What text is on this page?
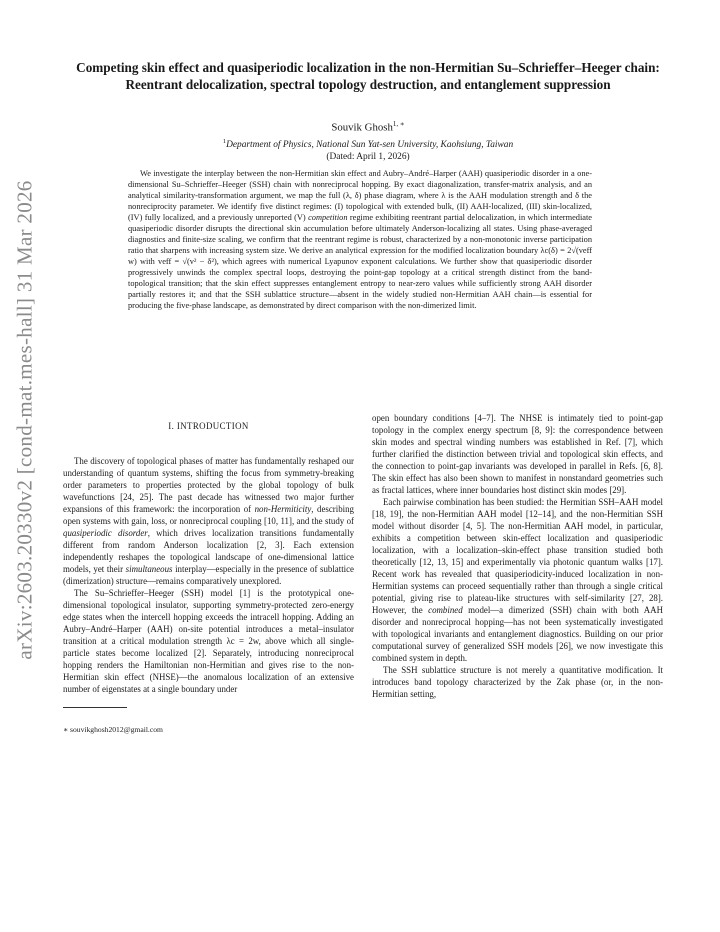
arXiv:2603.20330v2 [cond-mat.mes-hall] 31 Mar 2026
Competing skin effect and quasiperiodic localization in the non-Hermitian Su–Schrieffer–Heeger chain: Reentrant delocalization, spectral topology destruction, and entanglement suppression
Souvik Ghosh$^{1, ∗}$
$^1$Department of Physics, National Sun Yat-sen University, Kaohsiung, Taiwan
(Dated: April 1, 2026)
We investigate the interplay between the non-Hermitian skin effect and Aubry–André–Harper (AAH) quasiperiodic disorder in a one-dimensional Su–Schrieffer–Heeger (SSH) chain with nonreciprocal hopping. By exact diagonalization, transfer-matrix analysis, and an analytical similarity-transformation argument, we map the full (λ, δ) phase diagram, where λ is the AAH modulation strength and δ the nonreciprocity parameter. We identify five distinct regimes: (I) topological with extended bulk, (II) AAH-localized, (III) skin-localized, (IV) fully localized, and a previously unreported (V) competition regime exhibiting reentrant partial delocalization, in which intermediate quasiperiodic disorder disrupts the directional skin accumulation before ultimately Anderson-localizing all states. Using phase-averaged diagnostics and finite-size scaling, we confirm that the reentrant regime is robust, characterized by a non-monotonic inverse participation ratio that sharpens with increasing system size. We derive an analytical expression for the modified localization boundary λc(δ) = 2√(veff w) with veff = √(v² − δ²), which agrees with numerical Lyapunov exponent calculations. We further show that quasiperiodic disorder progressively unwinds the complex spectral loops, destroying the point-gap topology at a critical strength distinct from the band-topological transition; that the skin effect suppresses entanglement entropy to near-zero values while sufficiently strong AAH disorder partially restores it; and that the SSH sublattice structure—absent in the widely studied non-Hermitian AAH chain—is essential for producing the five-phase landscape, as demonstrated by direct comparison with the non-dimerized limit.
I. INTRODUCTION

The discovery of topological phases of matter has fundamentally reshaped our understanding of quantum systems, shifting the focus from symmetry-breaking order parameters to properties protected by the global topology of bulk wavefunctions [24, 25]. The past decade has witnessed two major further expansions of this framework: the incorporation of non-Hermiticity, describing open systems with gain, loss, or nonreciprocal coupling [10, 11], and the study of quasiperiodic disorder, which drives localization transitions fundamentally different from random Anderson localization [2, 3]. Each extension independently reshapes the topological landscape of one-dimensional lattice models, yet their simultaneous interplay—especially in the presence of sublattice (dimerization) structure—remains comparatively unexplored.

The Su–Schrieffer–Heeger (SSH) model [1] is the prototypical one-dimensional topological insulator, supporting symmetry-protected zero-energy edge states when the intercell hopping exceeds the intracell hopping. Adding an Aubry–André–Harper (AAH) on-site potential introduces a metal–insulator transition at a critical modulation strength λc = 2w, above which all single-particle states become localized [2]. Separately, introducing nonreciprocal hopping renders the Hamiltonian non-Hermitian and gives rise to the non-Hermitian skin effect (NHSE)—the anomalous localization of an extensive number of eigenstates at a single boundary under

∗ souvikghosh2012@gmail.com

open boundary conditions [4–7]. The NHSE is intimately tied to point-gap topology in the complex energy spectrum [8, 9]: the correspondence between skin modes and spectral winding numbers was established in Ref. [7], which further clarified the distinction between trivial and topological skin effects, and the connection to point-gap invariants was developed in parallel in Refs. [6, 8]. The skin effect has also been shown to manifest in nonstandard geometries such as fractal lattices, where inner boundaries host distinct skin modes [29].

Each pairwise combination has been studied: the Hermitian SSH–AAH model [18, 19], the non-Hermitian AAH model [12–14], and the non-Hermitian SSH model without disorder [4, 5]. The non-Hermitian AAH model, in particular, exhibits a competition between skin-effect localization and quasiperiodic localization, with a localization–skin-effect phase transition studied both theoretically [12, 13, 15] and experimentally via photonic quantum walks [17]. Recent work has revealed that quasiperiodicity-induced localization in non-Hermitian systems can proceed sequentially rather than through a single critical potential, giving rise to plateau-like structures with self-similarity [27, 28]. However, the combined model—a dimerized (SSH) chain with both AAH disorder and nonreciprocal hopping—has not been systematically investigated with topological invariants and entanglement diagnostics. Building on our prior computational survey of generalized SSH models [26], we now investigate this combined system in depth.

The SSH sublattice structure is not merely a quantitative modification. It introduces band topology characterized by the Zak phase (or, in the non-Hermitian setting,
